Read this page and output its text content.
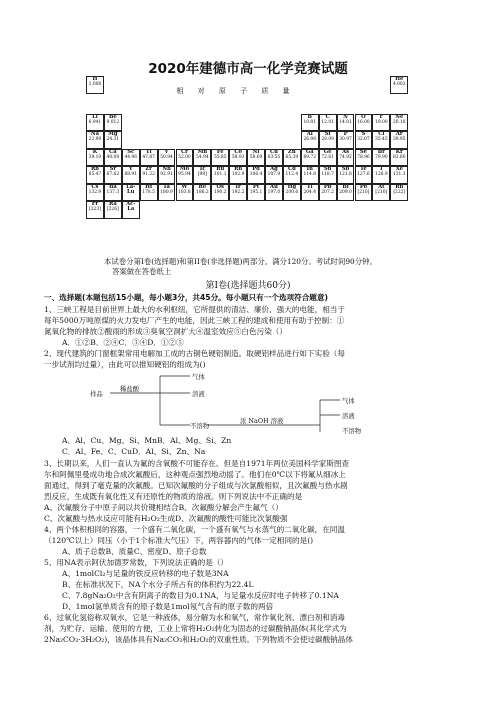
2020年建德市高一化学竞赛试题
相 对 原 子 质 量
H
1.008
He
4.003
Li
6.941
Be
9.012
B
10.81
C
12.01
N
14.01
O
16.00
F
19.00
Ne
20.18
Na
22.99
Mg
24.31
Al
26.98
Si
28.09
P
30.97
S
32.07
Cl
35.45
Ar
39.95
K
39.10
Ca
40.08
Sc
44.96
Ti
47.87
V
50.94
Cr
52.00
Mn
54.94
Fe
55.85
Co
58.93
Ni
58.69
Cu
63.55
Zn
65.39
Ga
69.72
Ge
72.61
As
74.92
Se
78.96
Br
79.90
Kr
83.80
Rb
85.47
Sr
87.62
Y
88.91
Zr
91.22
Nb
92.91
Mo
95.94
Tc
[98]
Ru
101.1
Rh
102.9
Pd
106.4
Ag
107.9
Cd
112.4
In
114.8
Sn
118.7
Sb
121.8
Te
127.6
I
126.9
Xe
131.3
Cs
132.9
Ba
137.3
La-Lu
Hf
178.5
Ta
180.9
W
183.8
Re
186.2
Os
190.2
Ir
192.2
Pt
195.1
Au
197.0
Hg
200.6
Tl
204.4
Pb
207.2
Bi
209.0
Po
[210]
At
[210]
Rn
[222]
Fr
[223]
Ra
[226]
Ac-La
本试卷分第I卷(选择题)和第II卷(非选择题)两部分。满分120分。考试时间90分钟。
答案做在答卷纸上
第I卷(选择题共60分)
一、选择题(本题包括15小题，每小题3分，共45分。每小题只有一个选项符合题意)
1、三峡工程是目前世界上最大的水利枢纽，它所提供的清洁、廉价、强大的电能，相当于
每年5000万吨原煤的火力发电厂产生的电能，因此三峡工程的建成和使用有助于控制：①
氮氧化物的排放②酸雨的形成③臭氧空洞扩大④温室效应⑤白色污染（）
A．①②B．②④C．③④D．①②⑤
2、现代建筑的门窗框架常用电解加工成的古铜色硬铝制造。取硬铝样品进行如下实验（每
一步试剂均过量），由此可以推知硬铝的组成为()
样品
稀盐酸
气体
溶液
不溶物
浓 NaOH 溶液
气体
溶液
不溶物
A．Al、Cu、Mg、Si、MnB．Al、Mg、Si、Zn
C．Al、Fe、C、CuD．Al、Si、Zn、Na
3、长期以来，人们一直认为氟的含氧酸不可能存在。但是自1971年两位美国科学家斯图查
尔和阿佩里曼成功地合成次氟酸后，这种观点强烈地动摇了。他们在0℃以下将氟从细冰上
面通过，得到了毫克量的次氟酸。已知次氟酸的分子组成与次氯酸相似，且次氟酸与热水剧
烈反应，生成既有氧化性又有还原性的物质的溶液。则下列说法中不正确的是
A、次氟酸分子中原子间以共价键相结合B、次氟酸分解会产生氟气（）
C、次氟酸与热水反应可能有H₂O₂生成D、次氟酸的酸性可能比次氯酸强
4、两个体积相同的容器，一个盛有二氧化碳，一个盛有氧气与水蒸气的二氧化碳，在同温
（120℃以上）同压（小于1个标准大气压）下，两容器内的气体一定相同的是()
A、质子总数B、质量C、密度D、原子总数
5、用NA表示阿伏加德罗常数，下列说法正确的是（）
A、1molCl₂与足量的铁反应转移的电子数是3NA
B、在标准状况下，NA个水分子所占有的体积约为22.4L
C、7.8gNa₂O₂中含有阴离子的数目为0.1NA，与足量水反应时电子转移了0.1NA
D、1mol氢单质含有的原子数是1mol氖气含有的原子数的两倍
6、过氧化氢俗称双氧水，它是一种液体，易分解为水和氧气，常作氧化剂、漂白剂和消毒
剂，为贮存、运输、使用的方便，工业上常将H₂O₂转化为固态的过碳酸钠晶体(其化学式为
2Na₂CO₃·3H₂O₂)，该晶体具有Na₂CO₃和H₂O₂的双重性质。下列物质不会使过碳酸钠晶体
